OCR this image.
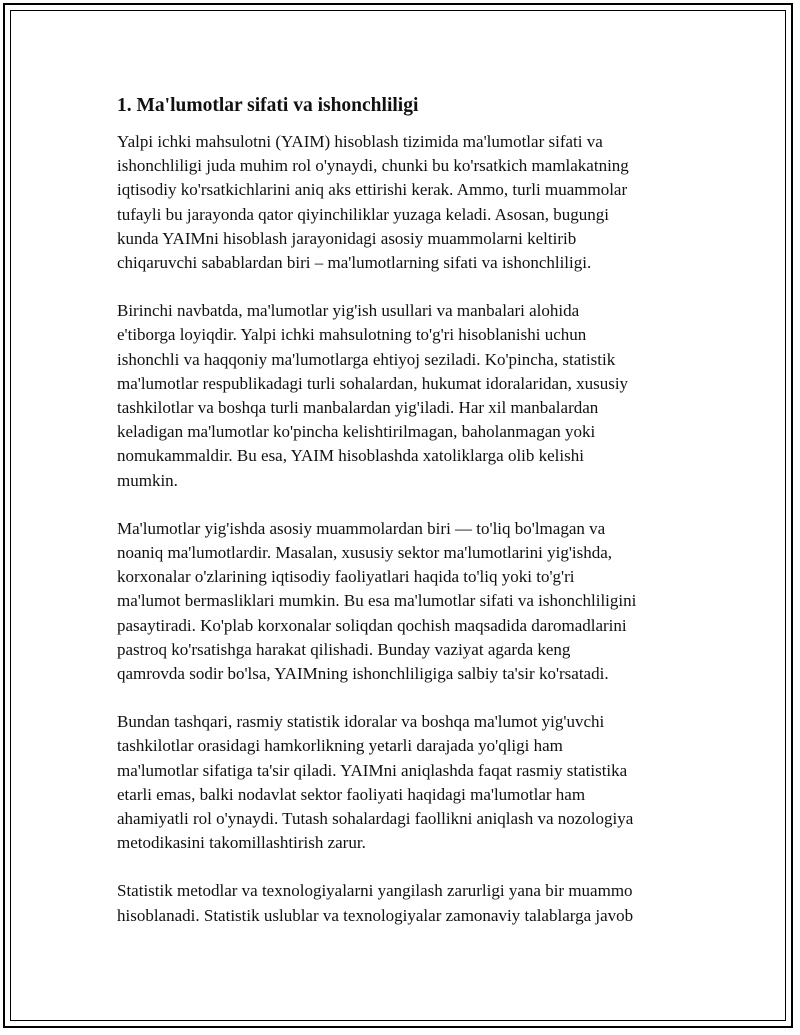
1. Ma'lumotlar sifati va ishonchliligi
Yalpi ichki mahsulotni (YAIM) hisoblash tizimida ma'lumotlar sifati va
ishonchliligi juda muhim rol o'ynaydi, chunki bu ko'rsatkich mamlakatning
iqtisodiy ko'rsatkichlarini aniq aks ettirishi kerak. Ammo, turli muammolar
tufayli bu jarayonda qator qiyinchiliklar yuzaga keladi. Asosan, bugungi
kunda YAIMni hisoblash jarayonidagi asosiy muammolarni keltirib
chiqaruvchi sabablardan biri – ma'lumotlarning sifati va ishonchliligi.
Birinchi navbatda, ma'lumotlar yig'ish usullari va manbalari alohida
e'tiborga loyiqdir. Yalpi ichki mahsulotning to'g'ri hisoblanishi uchun
ishonchli va haqqoniy ma'lumotlarga ehtiyoj seziladi. Ko'pincha, statistik
ma'lumotlar respublikadagi turli sohalardan, hukumat idoralaridan, xususiy
tashkilotlar va boshqa turli manbalardan yig'iladi. Har xil manbalardan
keladigan ma'lumotlar ko'pincha kelishtirilmagan, baholanmagan yoki
nomukammaldir. Bu esa, YAIM hisoblashda xatoliklarga olib kelishi
mumkin.
Ma'lumotlar yig'ishda asosiy muammolardan biri — to'liq bo'lmagan va
noaniq ma'lumotlardir. Masalan, xususiy sektor ma'lumotlarini yig'ishda,
korxonalar o'zlarining iqtisodiy faoliyatlari haqida to'liq yoki to'g'ri
ma'lumot bermasliklari mumkin. Bu esa ma'lumotlar sifati va ishonchliligini
pasaytiradi. Ko'plab korxonalar soliqdan qochish maqsadida daromadlarini
pastroq ko'rsatishga harakat qilishadi. Bunday vaziyat agarda keng
qamrovda sodir bo'lsa, YAIMning ishonchliligiga salbiy ta'sir ko'rsatadi.
Bundan tashqari, rasmiy statistik idoralar va boshqa ma'lumot yig'uvchi
tashkilotlar orasidagi hamkorlikning yetarli darajada yo'qligi ham
ma'lumotlar sifatiga ta'sir qiladi. YAIMni aniqlashda faqat rasmiy statistika
etarli emas, balki nodavlat sektor faoliyati haqidagi ma'lumotlar ham
ahamiyatli rol o'ynaydi. Tutash sohalardagi faollikni aniqlash va nozologiya
metodikasini takomillashtirish zarur.
Statistik metodlar va texnologiyalarni yangilash zarurligi yana bir muammo
hisoblanadi. Statistik uslublar va texnologiyalar zamonaviy talablarga javob
